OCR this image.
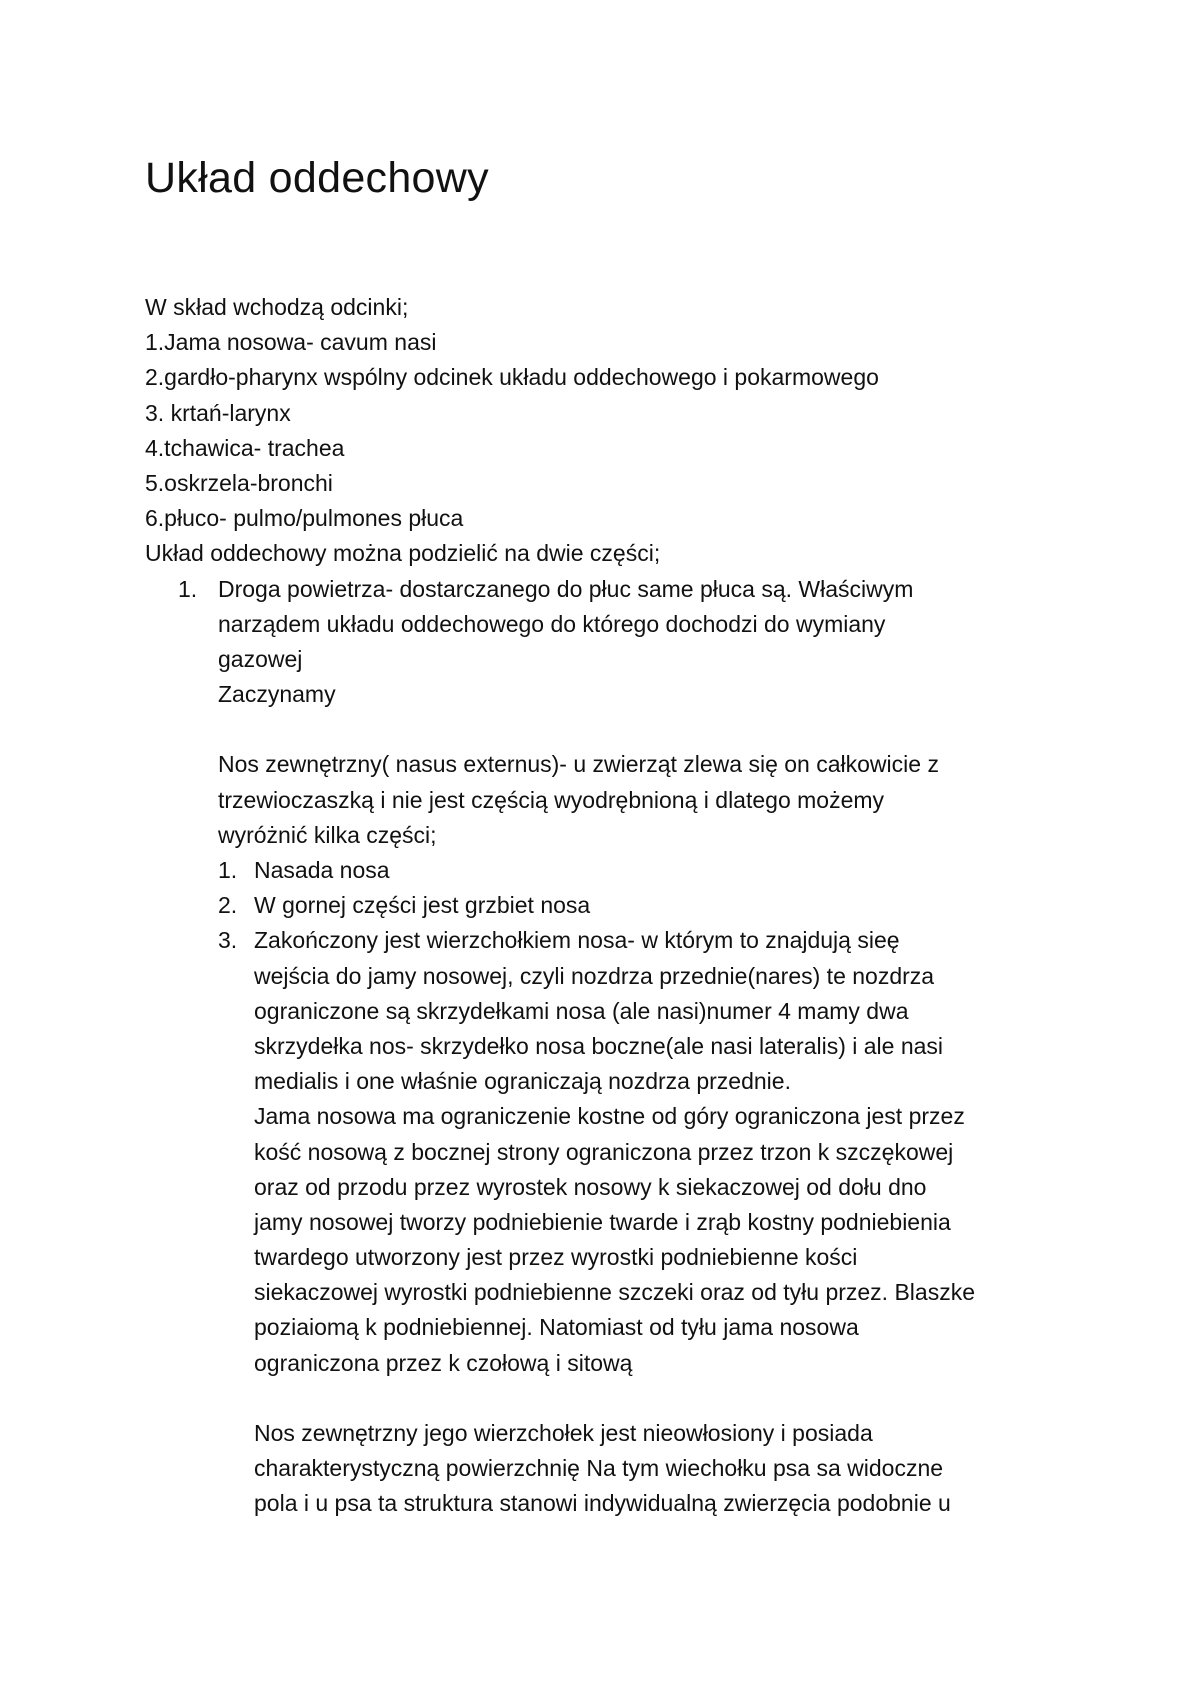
Układ oddechowy
W skład wchodzą odcinki;
1.Jama nosowa- cavum nasi
2.gardło-pharynx wspólny odcinek układu oddechowego i pokarmowego
3. krtań-larynx
4.tchawica- trachea
5.oskrzela-bronchi
6.płuco- pulmo/pulmones płuca
Układ oddechowy można podzielić na dwie części;
1. Droga powietrza- dostarczanego do płuc same płuca są. Właściwym
narządem układu oddechowego do którego dochodzi do wymiany
gazowej
Zaczynamy
Nos zewnętrzny( nasus externus)- u zwierząt zlewa się on całkowicie z
trzewioczaszką i nie jest częścią wyodrębnioną i dlatego możemy
wyróżnić kilka części;
1. Nasada nosa
2. W gornej części jest grzbiet nosa
3. Zakończony jest wierzchołkiem nosa- w którym to znajdują sieę
wejścia do jamy nosowej, czyli nozdrza przednie(nares) te nozdrza
ograniczone są skrzydełkami nosa (ale nasi)numer 4 mamy dwa
skrzydełka nos- skrzydełko nosa boczne(ale nasi lateralis) i ale nasi
medialis i one właśnie ograniczają nozdrza przednie.
Jama nosowa ma ograniczenie kostne od góry ograniczona jest przez
kość nosową z bocznej strony ograniczona przez trzon k szczękowej
oraz od przodu przez wyrostek nosowy k siekaczowej od dołu dno
jamy nosowej tworzy podniebienie twarde i zrąb kostny podniebienia
twardego utworzony jest przez wyrostki podniebienne kości
siekaczowej wyrostki podniebienne szczeki oraz od tyłu przez. Blaszke
poziaiomą k podniebiennej. Natomiast od tyłu jama nosowa
ograniczona przez k czołową i sitową
Nos zewnętrzny jego wierzchołek jest nieowłosiony i posiada
charakterystyczną powierzchnię Na tym wiechołku psa sa widoczne
pola i u psa ta struktura stanowi indywidualną zwierzęcia podobnie u
